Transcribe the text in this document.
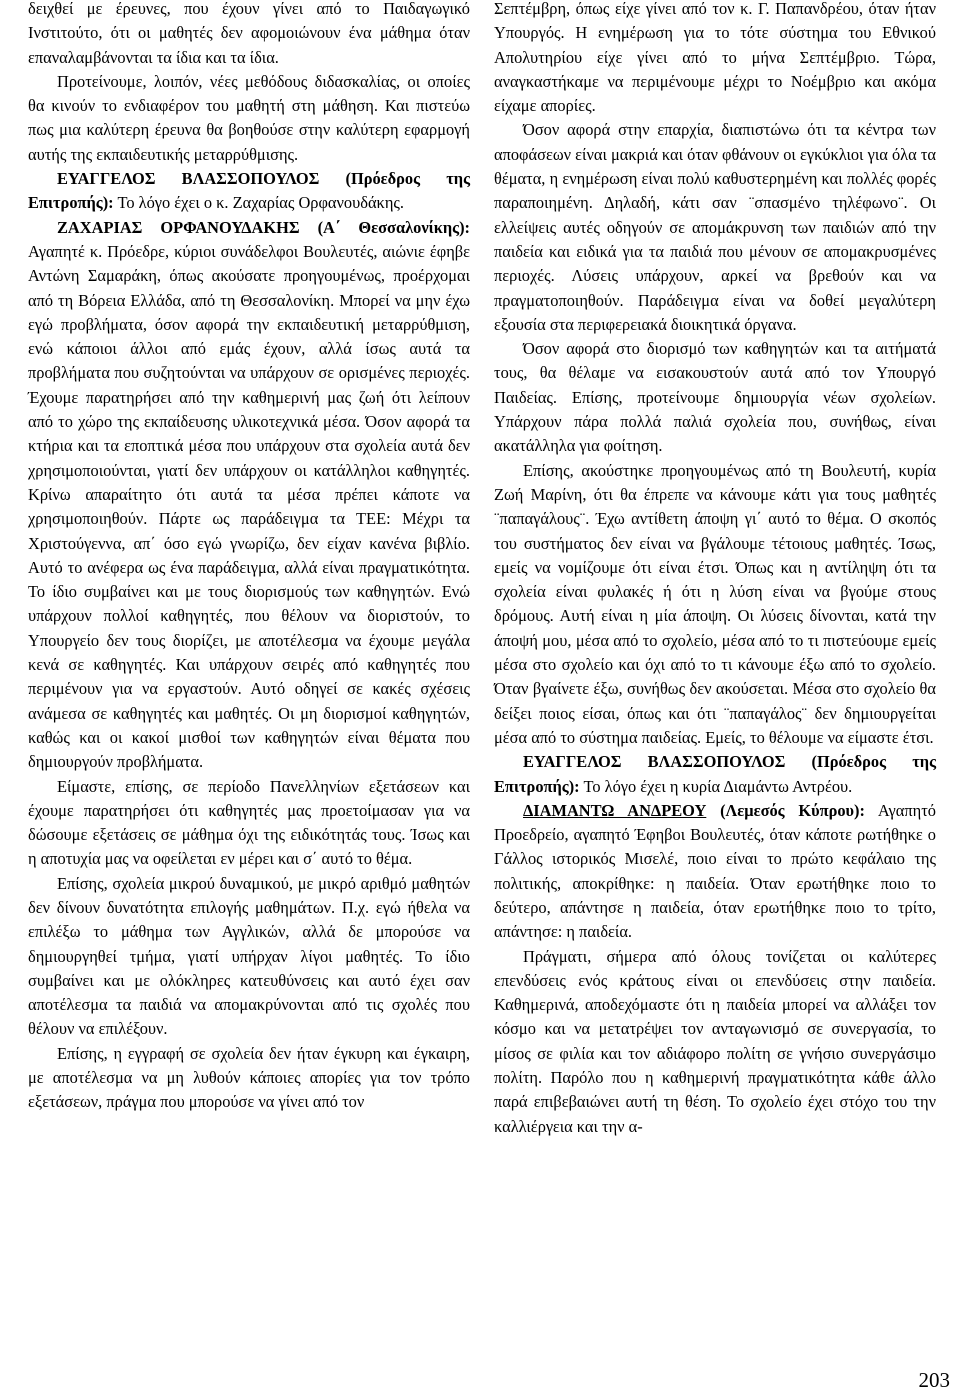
δειχθεί με έρευνες, που έχουν γίνει από το Παιδαγωγικό Ινστιτούτο, ότι οι μαθητές δεν αφομοιώνουν ένα μάθημα όταν επαναλαμβάνονται τα ίδια και τα ίδια.

Προτείνουμε, λοιπόν, νέες μεθόδους διδασκαλίας, οι οποίες θα κινούν το ενδιαφέρον του μαθητή στη μάθηση. Και πιστεύω πως μια καλύτερη έρευνα θα βοηθούσε στην καλύτερη εφαρμογή αυτής της εκπαιδευτικής μεταρρύθμισης.

ΕΥΑΓΓΕΛΟΣ ΒΛΑΣΣΟΠΟΥΛΟΣ (Πρόεδρος της Επιτροπής): Το λόγο έχει ο κ. Ζαχαρίας Ορφανουδάκης.

ΖΑΧΑΡΙΑΣ ΟΡΦΑΝΟΥΔΑΚΗΣ (Α΄ Θεσσαλονίκης): Αγαπητέ κ. Πρόεδρε, κύριοι συνάδελφοι Βουλευτές, αιώνιε έφηβε Αντώνη Σαμαράκη, όπως ακούσατε προηγουμένως, προέρχομαι από τη Βόρεια Ελλάδα, από τη Θεσσαλονίκη. Μπορεί να μην έχω εγώ προβλήματα, όσον αφορά την εκπαιδευτική μεταρρύθμιση, ενώ κάποιοι άλλοι από εμάς έχουν, αλλά ίσως αυτά τα προβλήματα που συζητούνται να υπάρχουν σε ορισμένες περιοχές. Έχουμε παρατηρήσει από την καθημερινή μας ζωή ότι λείπουν από το χώρο της εκπαίδευσης υλικοτεχνικά μέσα. Όσον αφορά τα κτήρια και τα εποπτικά μέσα που υπάρχουν στα σχολεία αυτά δεν χρησιμοποιούνται, γιατί δεν υπάρχουν οι κατάλληλοι καθηγητές. Κρίνω απαραίτητο ότι αυτά τα μέσα πρέπει κάποτε να χρησιμοποιηθούν. Πάρτε ως παράδειγμα τα ΤΕΕ: Μέχρι τα Χριστούγεννα, απ΄ όσο εγώ γνωρίζω, δεν είχαν κανένα βιβλίο. Αυτό το ανέφερα ως ένα παράδειγμα, αλλά είναι πραγματικότητα. Το ίδιο συμβαίνει και με τους διορισμούς των καθηγητών. Ενώ υπάρχουν πολλοί καθηγητές, που θέλουν να διοριστούν, το Υπουργείο δεν τους διορίζει, με αποτέλεσμα να έχουμε μεγάλα κενά σε καθηγητές. Και υπάρχουν σειρές από καθηγητές που περιμένουν για να εργαστούν. Αυτό οδηγεί σε κακές σχέσεις ανάμεσα σε καθηγητές και μαθητές. Οι μη διορισμοί καθηγητών, καθώς και οι κακοί μισθοί των καθηγητών είναι θέματα που δημιουργούν προβλήματα.

Είμαστε, επίσης, σε περίοδο Πανελληνίων εξετάσεων και έχουμε παρατηρήσει ότι καθηγητές μας προετοίμασαν για να δώσουμε εξετάσεις σε μάθημα όχι της ειδικότητάς τους. Ίσως και η αποτυχία μας να οφείλεται εν μέρει και σ΄ αυτό το θέμα.

Επίσης, σχολεία μικρού δυναμικού, με μικρό αριθμό μαθητών δεν δίνουν δυνατότητα επιλογής μαθημάτων. Π.χ. εγώ ήθελα να επιλέξω το μάθημα των Αγγλικών, αλλά δε μπορούσε να δημιουργηθεί τμήμα, γιατί υπήρχαν λίγοι μαθητές. Το ίδιο συμβαίνει και με ολόκληρες κατευθύνσεις και αυτό έχει σαν αποτέλεσμα τα παιδιά να απομακρύνονται από τις σχολές που θέλουν να επιλέξουν.

Επίσης, η εγγραφή σε σχολεία δεν ήταν έγκυρη και έγκαιρη, με αποτέλεσμα να μη λυθούν κάποιες απορίες για τον τρόπο εξετάσεων, πράγμα που μπορούσε να γίνει από τον

Σεπτέμβρη, όπως είχε γίνει από τον κ. Γ. Παπανδρέου, όταν ήταν Υπουργός. Η ενημέρωση για το τότε σύστημα του Εθνικού Απολυτηρίου είχε γίνει από το μήνα Σεπτέμβριο. Τώρα, αναγκαστήκαμε να περιμένουμε μέχρι το Νοέμβριο και ακόμα είχαμε απορίες.

Όσον αφορά στην επαρχία, διαπιστώνω ότι τα κέντρα των αποφάσεων είναι μακριά και όταν φθάνουν οι εγκύκλιοι για όλα τα θέματα, η ενημέρωση είναι πολύ καθυστερημένη και πολλές φορές παραποιημένη. Δηλαδή, κάτι σαν ¨σπασμένο τηλέφωνο¨. Οι ελλείψεις αυτές οδηγούν σε απομάκρυνση των παιδιών από την παιδεία και ειδικά για τα παιδιά που μένουν σε απομακρυσμένες περιοχές. Λύσεις υπάρχουν, αρκεί να βρεθούν και να πραγματοποιηθούν. Παράδειγμα είναι να δοθεί μεγαλύτερη εξουσία στα περιφερειακά διοικητικά όργανα.

Όσον αφορά στο διορισμό των καθηγητών και τα αιτήματά τους, θα θέλαμε να εισακουστούν αυτά από τον Υπουργό Παιδείας. Επίσης, προτείνουμε δημιουργία νέων σχολείων. Υπάρχουν πάρα πολλά παλιά σχολεία που, συνήθως, είναι ακατάλληλα για φοίτηση.

Επίσης, ακούστηκε προηγουμένως από τη Βουλευτή, κυρία Ζωή Μαρίνη, ότι θα έπρεπε να κάνουμε κάτι για τους μαθητές ¨παπαγάλους¨. Έχω αντίθετη άποψη γι΄ αυτό το θέμα. Ο σκοπός του συστήματος δεν είναι να βγάλουμε τέτοιους μαθητές. Ίσως, εμείς να νομίζουμε ότι είναι έτσι. Όπως και η αντίληψη ότι τα σχολεία είναι φυλακές ή ότι η λύση είναι να βγούμε στους δρόμους. Αυτή είναι η μία άποψη. Οι λύσεις δίνονται, κατά την άποψή μου, μέσα από το σχολείο, μέσα από το τι πιστεύουμε εμείς μέσα στο σχολείο και όχι από το τι κάνουμε έξω από το σχολείο. Όταν βγαίνετε έξω, συνήθως δεν ακούσεται. Μέσα στο σχολείο θα δείξει ποιος είσαι, όπως και ότι ¨παπαγάλος¨ δεν δημιουργείται μέσα από το σύστημα παιδείας. Εμείς, το θέλουμε να είμαστε έτσι.

ΕΥΑΓΓΕΛΟΣ ΒΛΑΣΣΟΠΟΥΛΟΣ (Πρόεδρος της Επιτροπής): Το λόγο έχει η κυρία Διαμάντω Αντρέου.

ΔΙΑΜΑΝΤΩ ΑΝΔΡΕΟΥ (Λεμεσός Κύπρου): Αγαπητό Προεδρείο, αγαπητό Έφηβοι Βουλευτές, όταν κάποτε ρωτήθηκε ο Γάλλος ιστορικός Μισελέ, ποιο είναι το πρώτο κεφάλαιο της πολιτικής, αποκρίθηκε: η παιδεία. Όταν ερωτήθηκε ποιο το δεύτερο, απάντησε η παιδεία, όταν ερωτήθηκε ποιο το τρίτο, απάντησε: η παιδεία.

Πράγματι, σήμερα από όλους τονίζεται οι καλύτερες επενδύσεις ενός κράτους είναι οι επενδύσεις στην παιδεία. Καθημερινά, αποδεχόμαστε ότι η παιδεία μπορεί να αλλάξει τον κόσμο και να μετατρέψει τον ανταγωνισμό σε συνεργασία, το μίσος σε φιλία και τον αδιάφορο πολίτη σε γνήσιο συνεργάσιμο πολίτη. Παρόλο που η καθημερινή πραγματικότητα κάθε άλλο παρά επιβεβαιώνει αυτή τη θέση. Το σχολείο έχει στόχο του την καλλιέργεια και την α-

203
